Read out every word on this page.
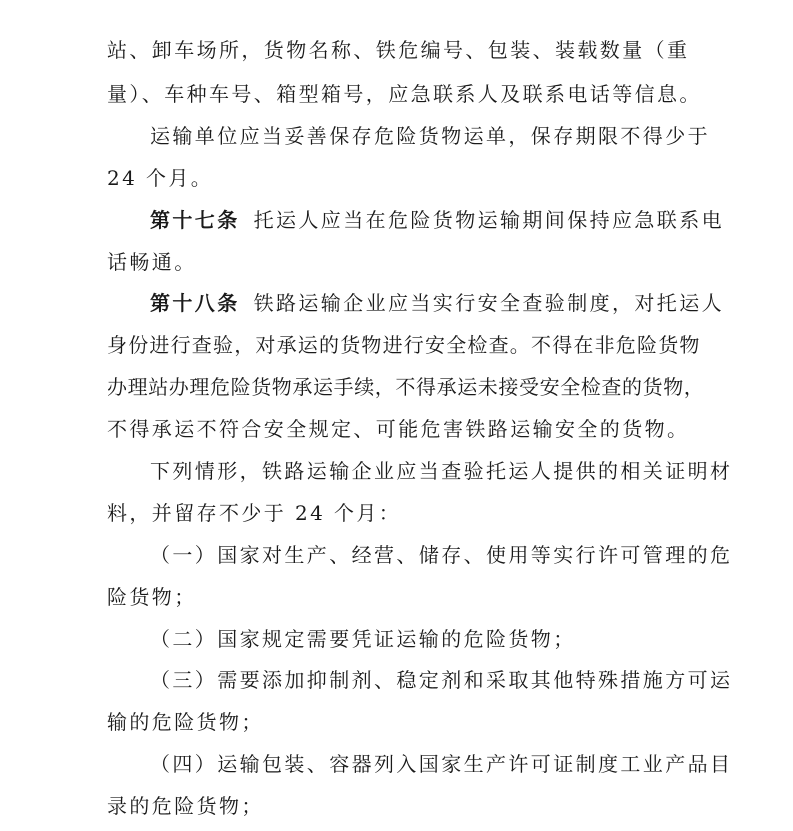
站、卸车场所，货物名称、铁危编号、包装、装载数量（重
量）、车种车号、箱型箱号，应急联系人及联系电话等信息。
运输单位应当妥善保存危险货物运单，保存期限不得少于
24 个月。
第十七条 托运人应当在危险货物运输期间保持应急联系电
话畅通。
第十八条 铁路运输企业应当实行安全查验制度，对托运人
身份进行查验，对承运的货物进行安全检查。不得在非危险货物
办理站办理危险货物承运手续，不得承运未接受安全检查的货物，
不得承运不符合安全规定、可能危害铁路运输安全的货物。
下列情形，铁路运输企业应当查验托运人提供的相关证明材
料，并留存不少于 24 个月：
（一）国家对生产、经营、储存、使用等实行许可管理的危
险货物；
（二）国家规定需要凭证运输的危险货物；
（三）需要添加抑制剂、稳定剂和采取其他特殊措施方可运
输的危险货物；
（四）运输包装、容器列入国家生产许可证制度工业产品目
录的危险货物；
